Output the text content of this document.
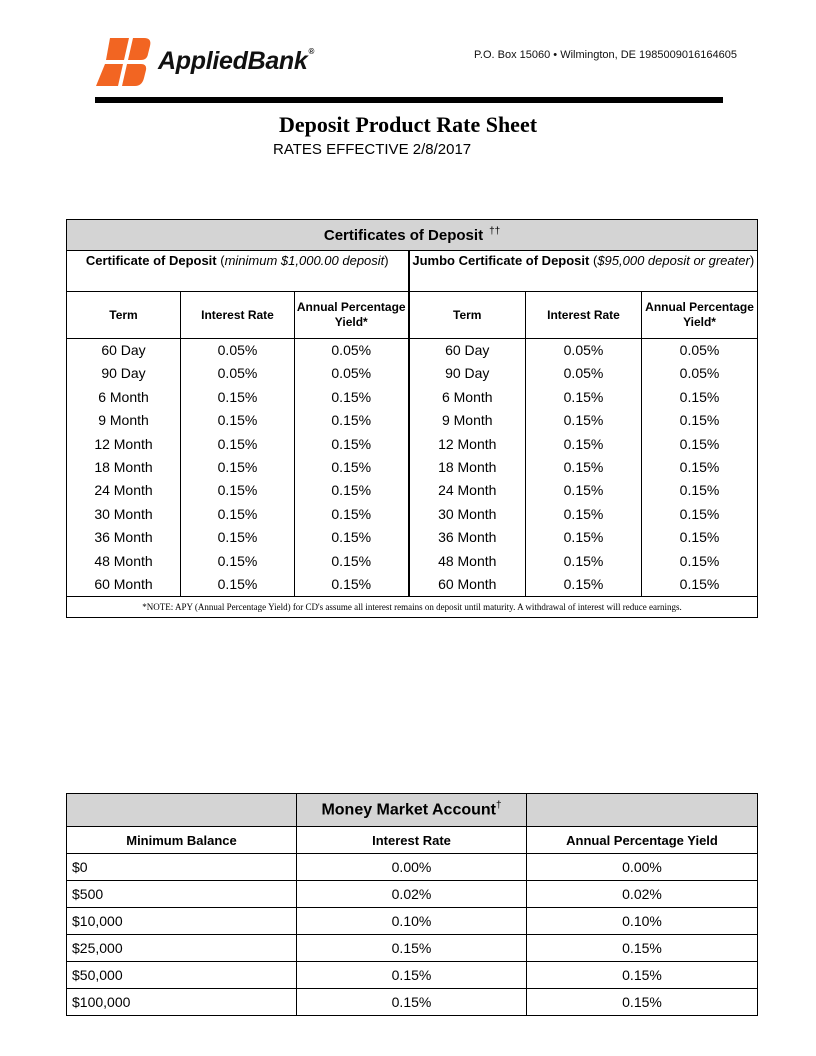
AppliedBank®	P.O. Box 15060 • Wilmington, DE 1985009016164605
Deposit Product Rate Sheet
RATES EFFECTIVE 2/8/2017
Certificates of Deposit ††
Certificate of Deposit (minimum $1,000.00 deposit)			Jumbo Certificate of Deposit ($95,000 deposit or greater)		
Term	Interest Rate	Annual Percentage Yield*	Term	Interest Rate	Annual Percentage Yield*
60 Day	0.05%	0.05%	60 Day	0.05%	0.05%
90 Day	0.05%	0.05%	90 Day	0.05%	0.05%
6 Month	0.15%	0.15%	6 Month	0.15%	0.15%
9 Month	0.15%	0.15%	9 Month	0.15%	0.15%
12 Month	0.15%	0.15%	12 Month	0.15%	0.15%
18 Month	0.15%	0.15%	18 Month	0.15%	0.15%
24 Month	0.15%	0.15%	24 Month	0.15%	0.15%
30 Month	0.15%	0.15%	30 Month	0.15%	0.15%
36 Month	0.15%	0.15%	36 Month	0.15%	0.15%
48 Month	0.15%	0.15%	48 Month	0.15%	0.15%
60 Month	0.15%	0.15%	60 Month	0.15%	0.15%
*NOTE: APY (Annual Percentage Yield) for CD's assume all interest remains on deposit until maturity. A withdrawal of interest will reduce earnings.					
	Money Market Account†	
Minimum Balance	Interest Rate	Annual Percentage Yield
$0	0.00%	0.00%
$500	0.02%	0.02%
$10,000	0.10%	0.10%
$25,000	0.15%	0.15%
$50,000	0.15%	0.15%
$100,000	0.15%	0.15%
